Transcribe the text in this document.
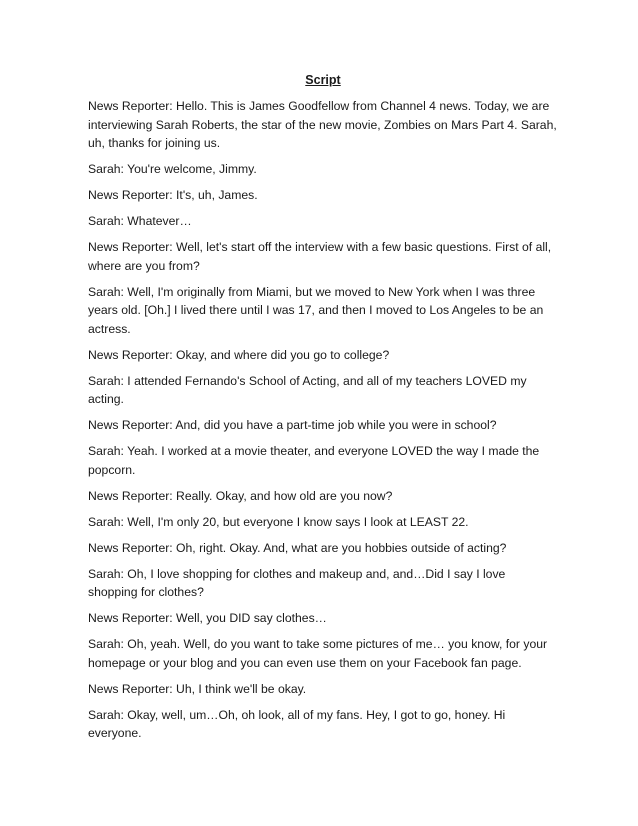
Script
News Reporter: Hello. This is James Goodfellow from Channel 4 news. Today, we are interviewing Sarah Roberts, the star of the new movie, Zombies on Mars Part 4. Sarah, uh, thanks for joining us.
Sarah: You're welcome, Jimmy.
News Reporter: It's, uh, James.
Sarah: Whatever…
News Reporter: Well, let's start off the interview with a few basic questions. First of all, where are you from?
Sarah: Well, I'm originally from Miami, but we moved to New York when I was three years old. [Oh.] I lived there until I was 17, and then I moved to Los Angeles to be an actress.
News Reporter: Okay, and where did you go to college?
Sarah: I attended Fernando's School of Acting, and all of my teachers LOVED my acting.
News Reporter: And, did you have a part-time job while you were in school?
Sarah: Yeah. I worked at a movie theater, and everyone LOVED the way I made the popcorn.
News Reporter: Really. Okay, and how old are you now?
Sarah: Well, I'm only 20, but everyone I know says I look at LEAST 22.
News Reporter: Oh, right. Okay. And, what are you hobbies outside of acting?
Sarah: Oh, I love shopping for clothes and makeup and, and…Did I say I love shopping for clothes?
News Reporter: Well, you DID say clothes…
Sarah: Oh, yeah. Well, do you want to take some pictures of me… you know, for your homepage or your blog and you can even use them on your Facebook fan page.
News Reporter: Uh, I think we'll be okay.
Sarah: Okay, well, um…Oh, oh look, all of my fans. Hey, I got to go, honey. Hi everyone.
